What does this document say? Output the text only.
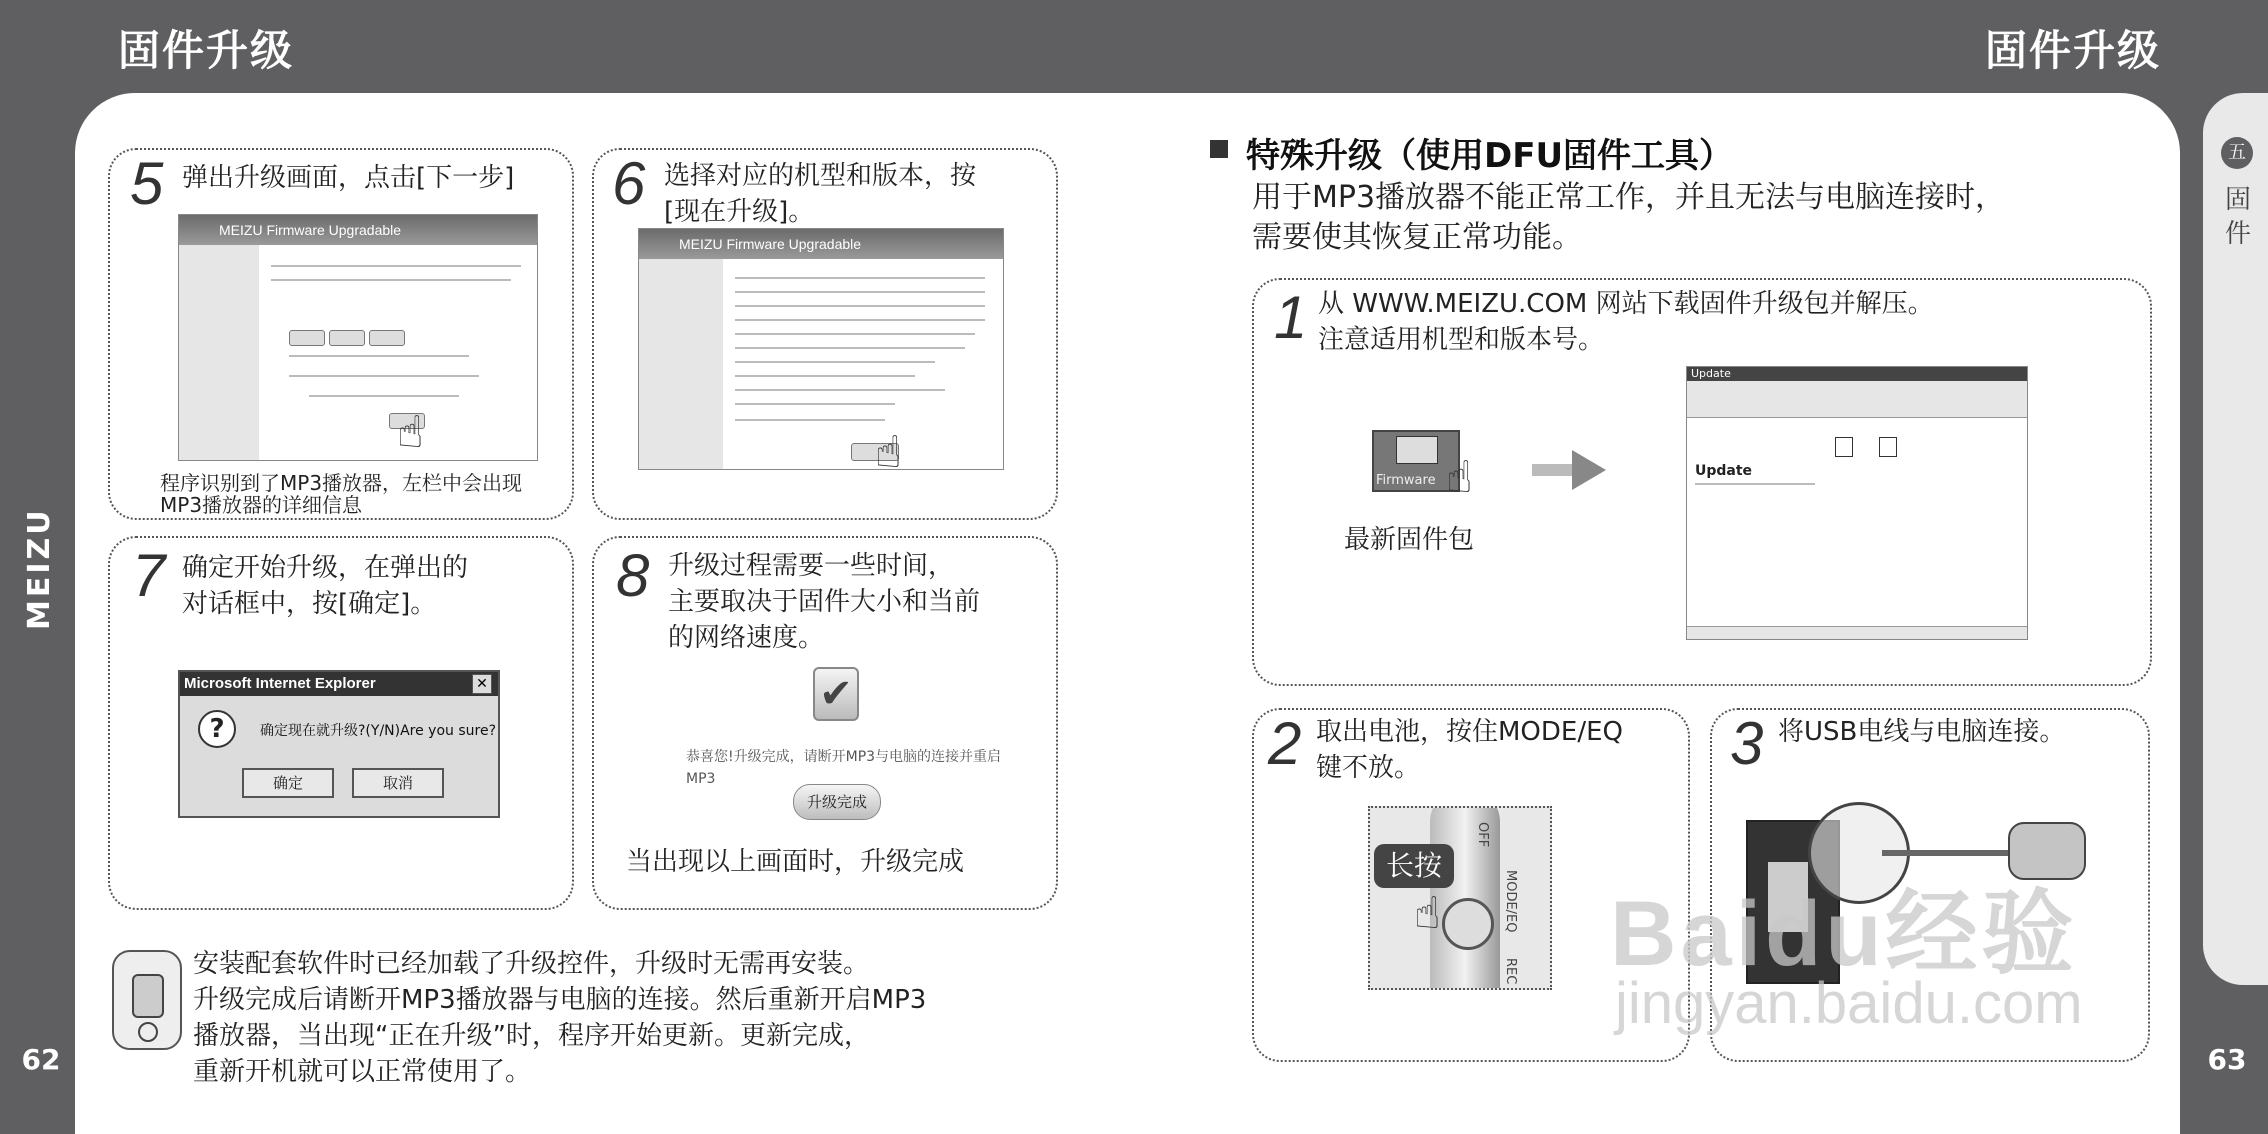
固件升级	固件升级
MEIZU
五
固
件
62	63
5 弹出升级画面，点击[下一步]
MEIZU Firmware Upgradable
☝
程序识别到了MP3播放器，左栏中会出现
MP3播放器的详细信息
6 选择对应的机型和版本，按
[现在升级]。
MEIZU Firmware Upgradable
☝
7 确定开始升级，在弹出的
对话框中，按[确定]。
Microsoft Internet Explorer	✕
?	确定现在就升级?(Y/N)Are you sure?
确定	取消
8 升级过程需要一些时间，
主要取决于固件大小和当前
的网络速度。
恭喜您!升级完成，请断开MP3与电脑的连接并重启MP3
当出现以上画面时，升级完成
✔
升级完成
安装配套软件时已经加载了升级控件，升级时无需再安装。
升级完成后请断开MP3播放器与电脑的连接。然后重新开启MP3
播放器，当出现“正在升级”时，程序开始更新。更新完成，
重新开机就可以正常使用了。
特殊升级（使用DFU固件工具）
用于MP3播放器不能正常工作，并且无法与电脑连接时，
需要使其恢复正常功能。
1 从 WWW.MEIZU.COM 网站下载固件升级包并解压。
注意适用机型和版本号。
Firmware ☝
最新固件包
Update
Update
2 取出电池，按住MODE/EQ
键不放。
OFF
MODE/EQ
REC
长按
☝
3 将USB电线与电脑连接。
Baidu经验
jingyan.baidu.com
